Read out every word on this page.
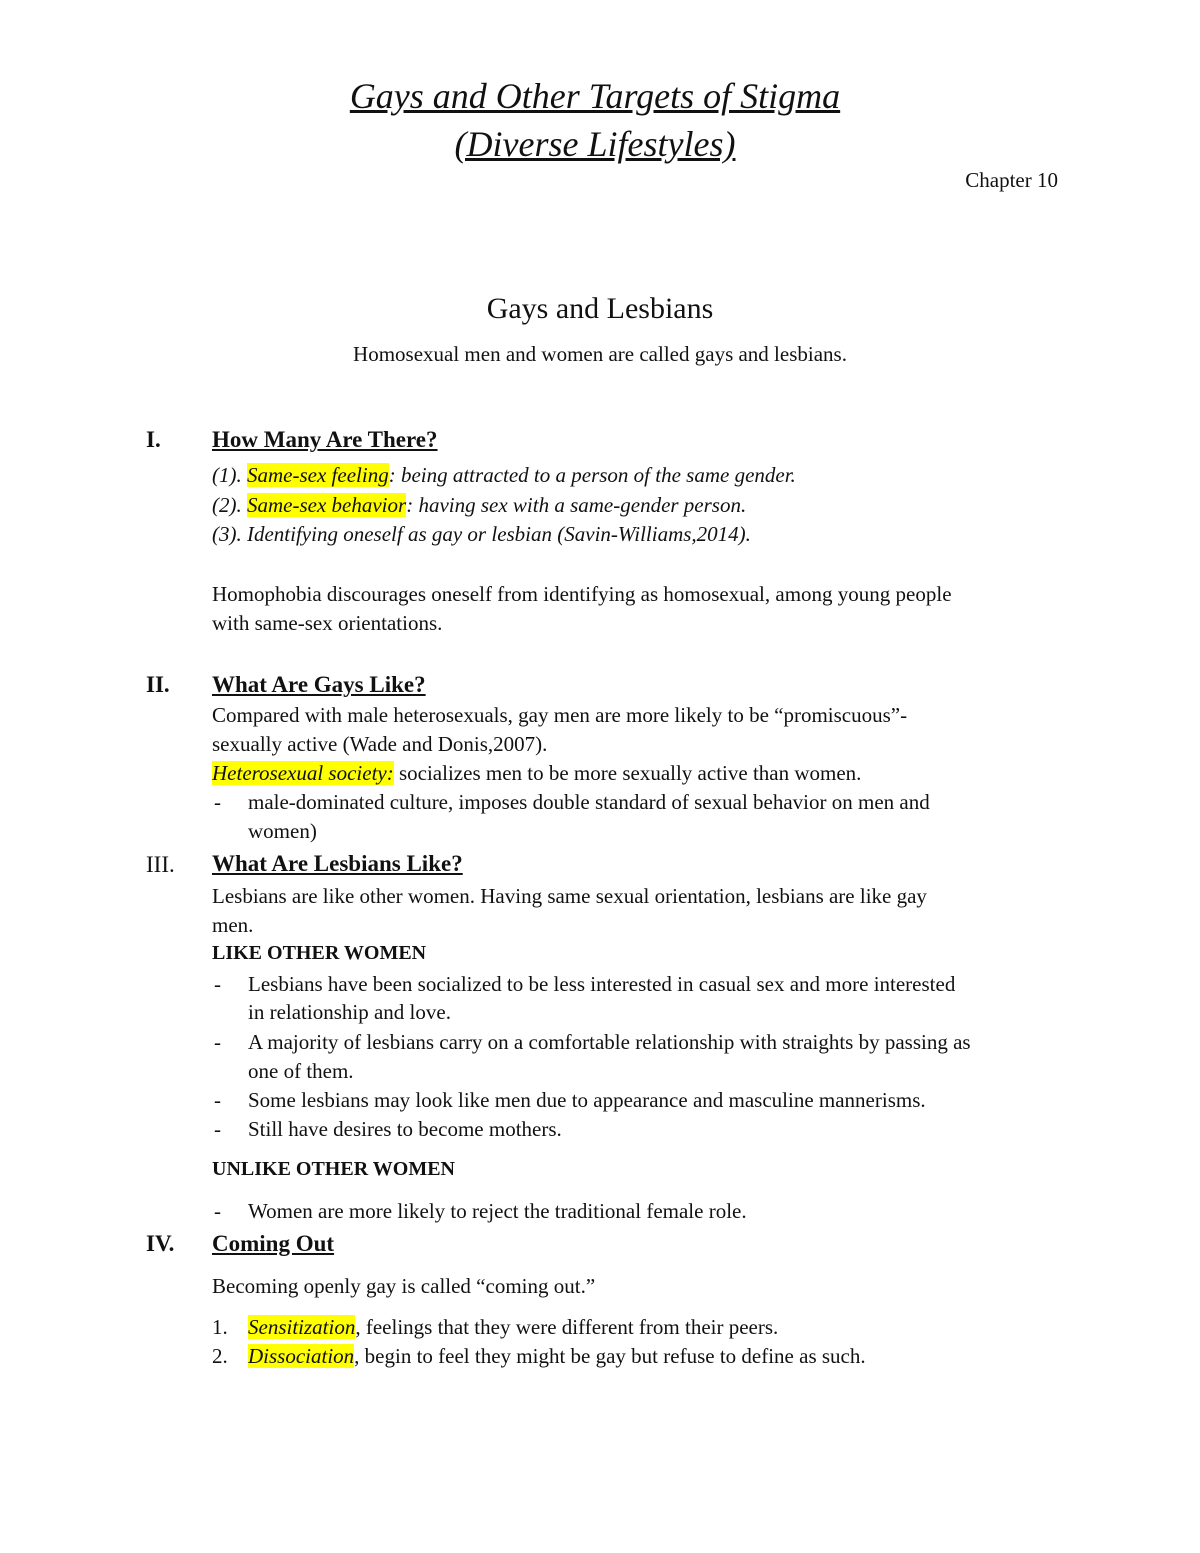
Gays and Other Targets of Stigma
(Diverse Lifestyles)
Chapter 10
Gays and Lesbians
Homosexual men and women are called gays and lesbians.
I. How Many Are There?
(1). Same-sex feeling: being attracted to a person of the same gender.
(2). Same-sex behavior: having sex with a same-gender person.
(3). Identifying oneself as gay or lesbian (Savin-Williams,2014).
Homophobia discourages oneself from identifying as homosexual, among young people
with same-sex orientations.
II. What Are Gays Like?
Compared with male heterosexuals, gay men are more likely to be “promiscuous”-
sexually active (Wade and Donis,2007).
Heterosexual society: socializes men to be more sexually active than women.
- male-dominated culture, imposes double standard of sexual behavior on men and
women)
III. What Are Lesbians Like?
Lesbians are like other women. Having same sexual orientation, lesbians are like gay
men.
LIKE OTHER WOMEN
- Lesbians have been socialized to be less interested in casual sex and more interested
in relationship and love.
- A majority of lesbians carry on a comfortable relationship with straights by passing as
one of them.
- Some lesbians may look like men due to appearance and masculine mannerisms.
- Still have desires to become mothers.
UNLIKE OTHER WOMEN
- Women are more likely to reject the traditional female role.
IV. Coming Out
Becoming openly gay is called “coming out.”
1. Sensitization, feelings that they were different from their peers.
2. Dissociation, begin to feel they might be gay but refuse to define as such.
